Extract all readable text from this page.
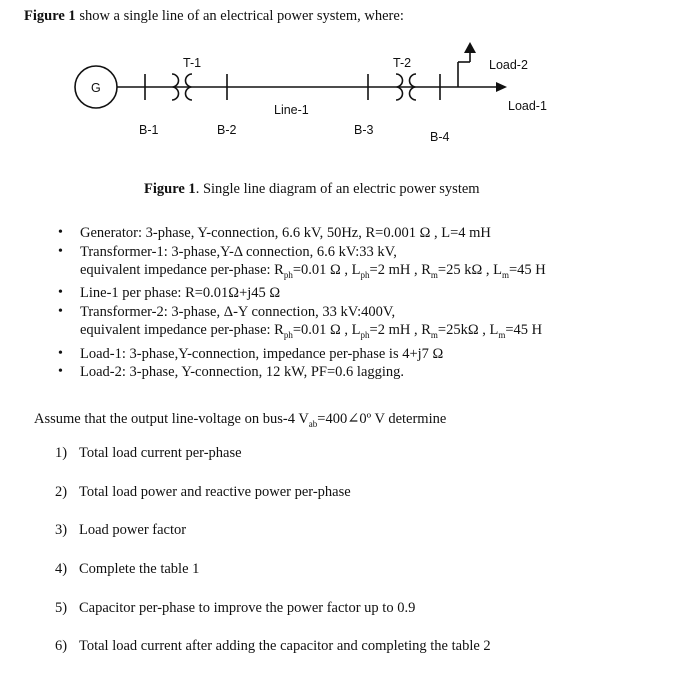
Figure 1 show a single line of an electrical power system, where:
G
T-1	T-2
Line-1
Load-2
Load-1
B-1	B-2	B-3	B-4
Figure 1. Single line diagram of an electric power system
• Generator: 3-phase, Y-connection, 6.6 kV, 50Hz, R=0.001 Ω , L=4 mH
• Transformer-1: 3-phase,Y-Δ connection, 6.6 kV:33 kV,
equivalent impedance per-phase: $R_{ph}=0.01$ Ω , $L_{ph}=2$ mH , $R_m=25$ kΩ , $L_m=45$ H
• Line-1 per phase: R=0.01Ω+j45 Ω
• Transformer-2: 3-phase, Δ-Y connection, 33 kV:400V,
equivalent impedance per-phase: $R_{ph}=0.01$ Ω , $L_{ph}=2$ mH , $R_m=25k\Omega$ , $L_m=45$ H
• Load-1: 3-phase,Y-connection, impedance per-phase is 4+j7 Ω
• Load-2: 3-phase, Y-connection, 12 kW, PF=0.6 lagging.
Assume that the output line-voltage on bus-4 $V_{ab}=400\angle 0º$ V determine
1) Total load current per-phase
2) Total load power and reactive power per-phase
3) Load power factor
4) Complete the table 1
5) Capacitor per-phase to improve the power factor up to 0.9
6) Total load current after adding the capacitor and completing the table 2
